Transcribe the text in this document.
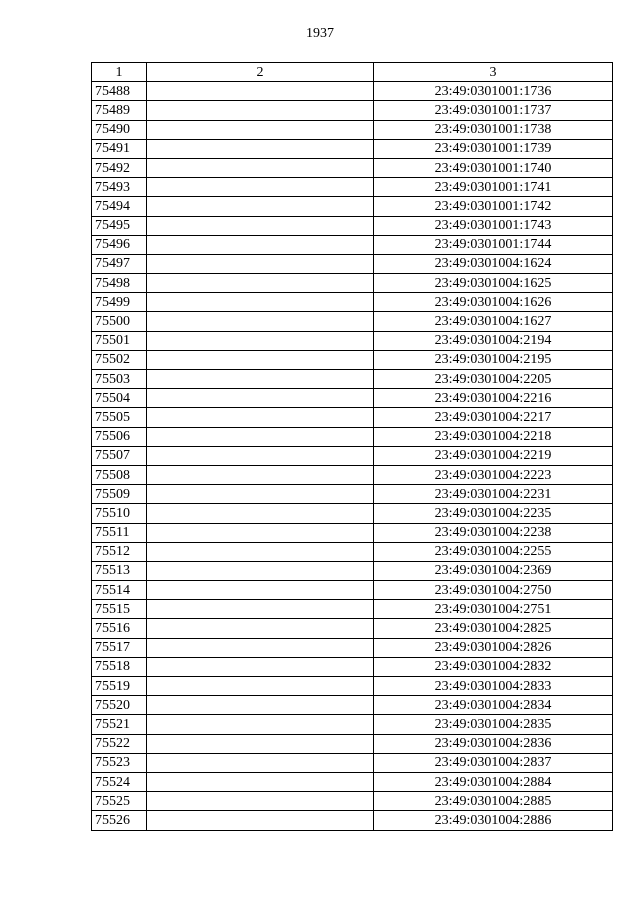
1937
1	2	3
75488		23:49:0301001:1736
75489		23:49:0301001:1737
75490		23:49:0301001:1738
75491		23:49:0301001:1739
75492		23:49:0301001:1740
75493		23:49:0301001:1741
75494		23:49:0301001:1742
75495		23:49:0301001:1743
75496		23:49:0301001:1744
75497		23:49:0301004:1624
75498		23:49:0301004:1625
75499		23:49:0301004:1626
75500		23:49:0301004:1627
75501		23:49:0301004:2194
75502		23:49:0301004:2195
75503		23:49:0301004:2205
75504		23:49:0301004:2216
75505		23:49:0301004:2217
75506		23:49:0301004:2218
75507		23:49:0301004:2219
75508		23:49:0301004:2223
75509		23:49:0301004:2231
75510		23:49:0301004:2235
75511		23:49:0301004:2238
75512		23:49:0301004:2255
75513		23:49:0301004:2369
75514		23:49:0301004:2750
75515		23:49:0301004:2751
75516		23:49:0301004:2825
75517		23:49:0301004:2826
75518		23:49:0301004:2832
75519		23:49:0301004:2833
75520		23:49:0301004:2834
75521		23:49:0301004:2835
75522		23:49:0301004:2836
75523		23:49:0301004:2837
75524		23:49:0301004:2884
75525		23:49:0301004:2885
75526		23:49:0301004:2886
